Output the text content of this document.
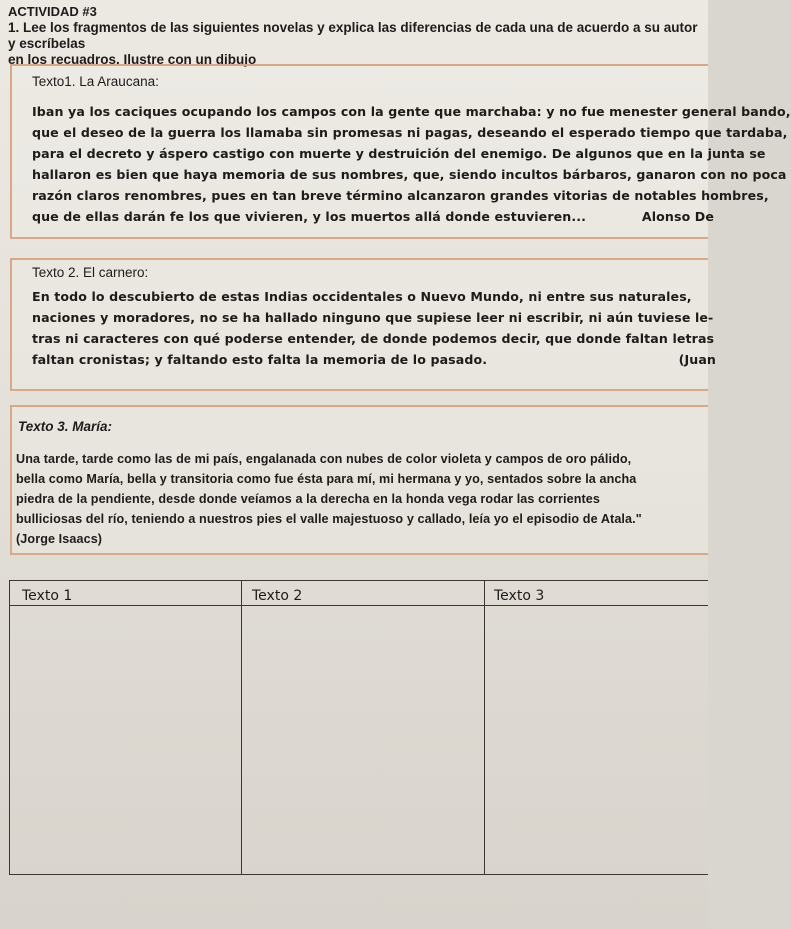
ACTIVIDAD #3
1. Lee los fragmentos de las siguientes novelas y explica las diferencias de cada una de acuerdo a su autor y escríbelas
en los recuadros. Ilustre con un dibujo
Texto1. La Araucana:
Iban ya los caciques ocupando los campos con la gente que marchaba: y no fue menester general bando,
que el deseo de la guerra los llamaba sin promesas ni pagas, deseando el esperado tiempo que tardaba,
para el decreto y áspero castigo con muerte y destruición del enemigo. De algunos que en la junta se
hallaron es bien que haya memoria de sus nombres, que, siendo incultos bárbaros, ganaron con no poca
razón claros renombres, pues en tan breve término alcanzaron grandes vitorias de notables hombres,
que de ellas darán fe los que vivieren, y los muertos allá donde estuvieren...	Alonso De
Texto 2. El carnero:
En todo lo descubierto de estas Indias occidentales o Nuevo Mundo, ni entre sus naturales,
naciones y moradores, no se ha hallado ninguno que supiese leer ni escribir, ni aún tuviese le-
tras ni caracteres con qué poderse entender, de donde podemos decir, que donde faltan letras
faltan cronistas; y faltando esto falta la memoria de lo pasado.	(Juan
Texto 3. María:
Una tarde, tarde como las de mi país, engalanada con nubes de color violeta y campos de oro pálido,
bella como María, bella y transitoria como fue ésta para mí, mi hermana y yo, sentados sobre la ancha
piedra de la pendiente, desde donde veíamos a la derecha en la honda vega rodar las corrientes
bulliciosas del río, teniendo a nuestros pies el valle majestuoso y callado, leía yo el episodio de Atala."
(Jorge Isaacs)
Texto 1	Texto 2	Texto 3
